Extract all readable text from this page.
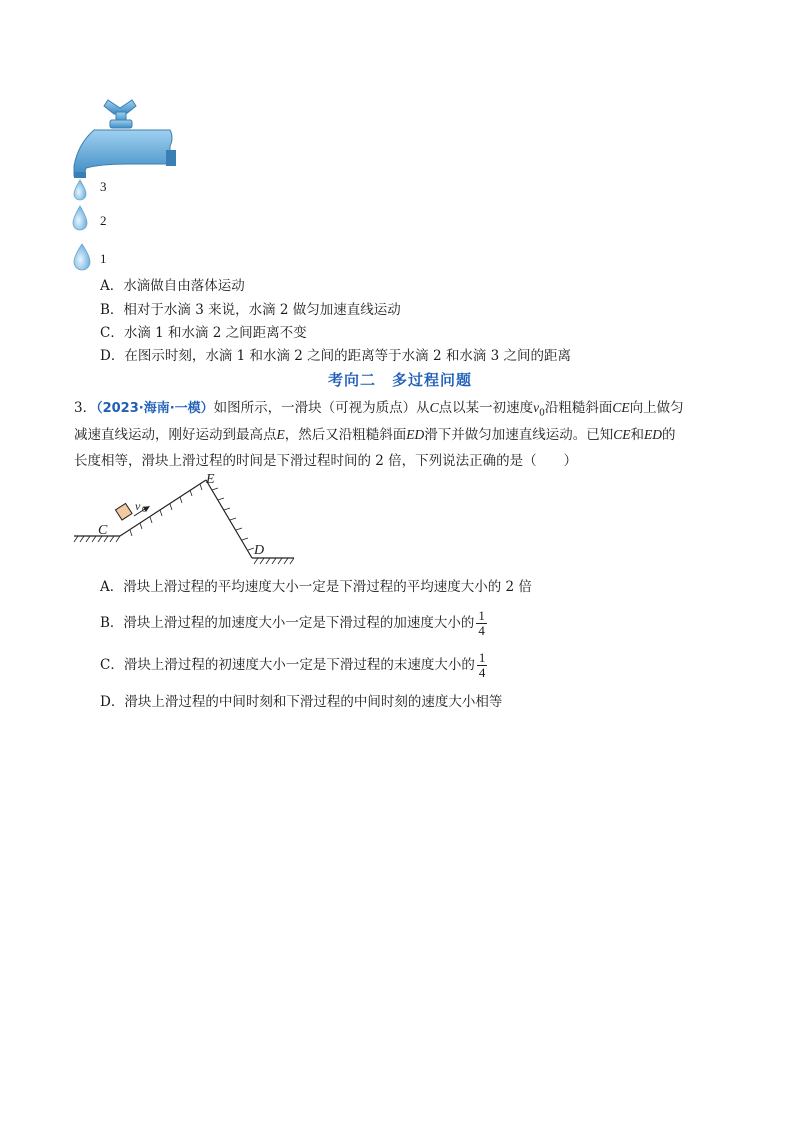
3
2
1
A．水滴做自由落体运动
B．相对于水滴 3 来说，水滴 2 做匀加速直线运动
C．水滴 1 和水滴 2 之间距离不变
D．在图示时刻，水滴 1 和水滴 2 之间的距离等于水滴 2 和水滴 3 之间的距离
考向二　多过程问题
3．（2023·海南·一模）如图所示，一滑块（可视为质点）从C点以某一初速度$v_0$沿粗糙斜面CE向上做匀
减速直线运动，刚好运动到最高点E，然后又沿粗糙斜面ED滑下并做匀加速直线运动。已知CE和ED的
长度相等，滑块上滑过程的时间是下滑过程时间的 2 倍，下列说法正确的是（　　）
C
E
D
v 0
A．滑块上滑过程的平均速度大小一定是下滑过程的平均速度大小的 2 倍
B．滑块上滑过程的加速度大小一定是下滑过程的加速度大小的 $\frac{1}{4}$
C．滑块上滑过程的初速度大小一定是下滑过程的末速度大小的 $\frac{1}{4}$
D．滑块上滑过程的中间时刻和下滑过程的中间时刻的速度大小相等
